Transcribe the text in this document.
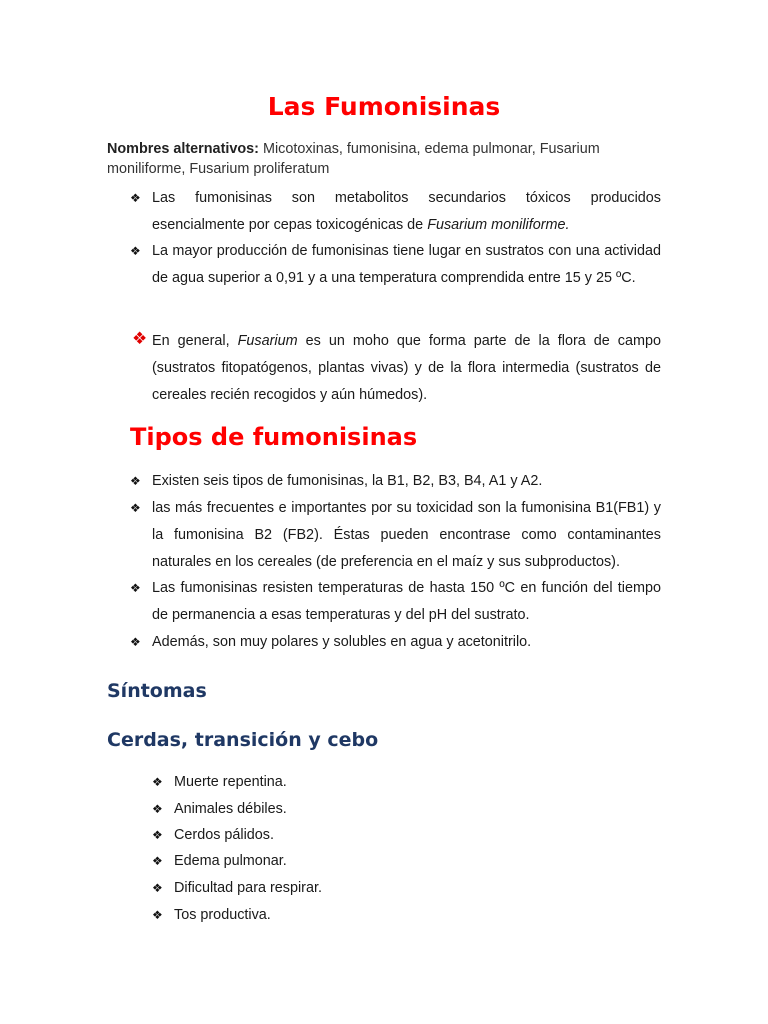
Las Fumonisinas
Nombres alternativos: Micotoxinas, fumonisina, edema pulmonar, Fusarium moniliforme, Fusarium proliferatum
❖ Las fumonisinas son metabolitos secundarios tóxicos producidos esencialmente por cepas toxicogénicas de Fusarium moniliforme.
❖ La mayor producción de fumonisinas tiene lugar en sustratos con una actividad de agua superior a 0,91 y a una temperatura comprendida entre 15 y 25 ºC.
❖ En general, Fusarium es un moho que forma parte de la flora de campo (sustratos fitopatógenos, plantas vivas) y de la flora intermedia (sustratos de cereales recién recogidos y aún húmedos).
Tipos de fumonisinas
❖ Existen seis tipos de fumonisinas, la B1, B2, B3, B4, A1 y A2.
❖ las más frecuentes e importantes por su toxicidad son la fumonisina B1(FB1) y la fumonisina B2 (FB2). Éstas pueden encontrase como contaminantes naturales en los cereales (de preferencia en el maíz y sus subproductos).
❖ Las fumonisinas resisten temperaturas de hasta 150 ºC en función del tiempo de permanencia a esas temperaturas y del pH del sustrato.
❖ Además, son muy polares y solubles en agua y acetonitrilo.
Síntomas
Cerdas, transición y cebo
❖ Muerte repentina.
❖ Animales débiles.
❖ Cerdos pálidos.
❖ Edema pulmonar.
❖ Dificultad para respirar.
❖ Tos productiva.
